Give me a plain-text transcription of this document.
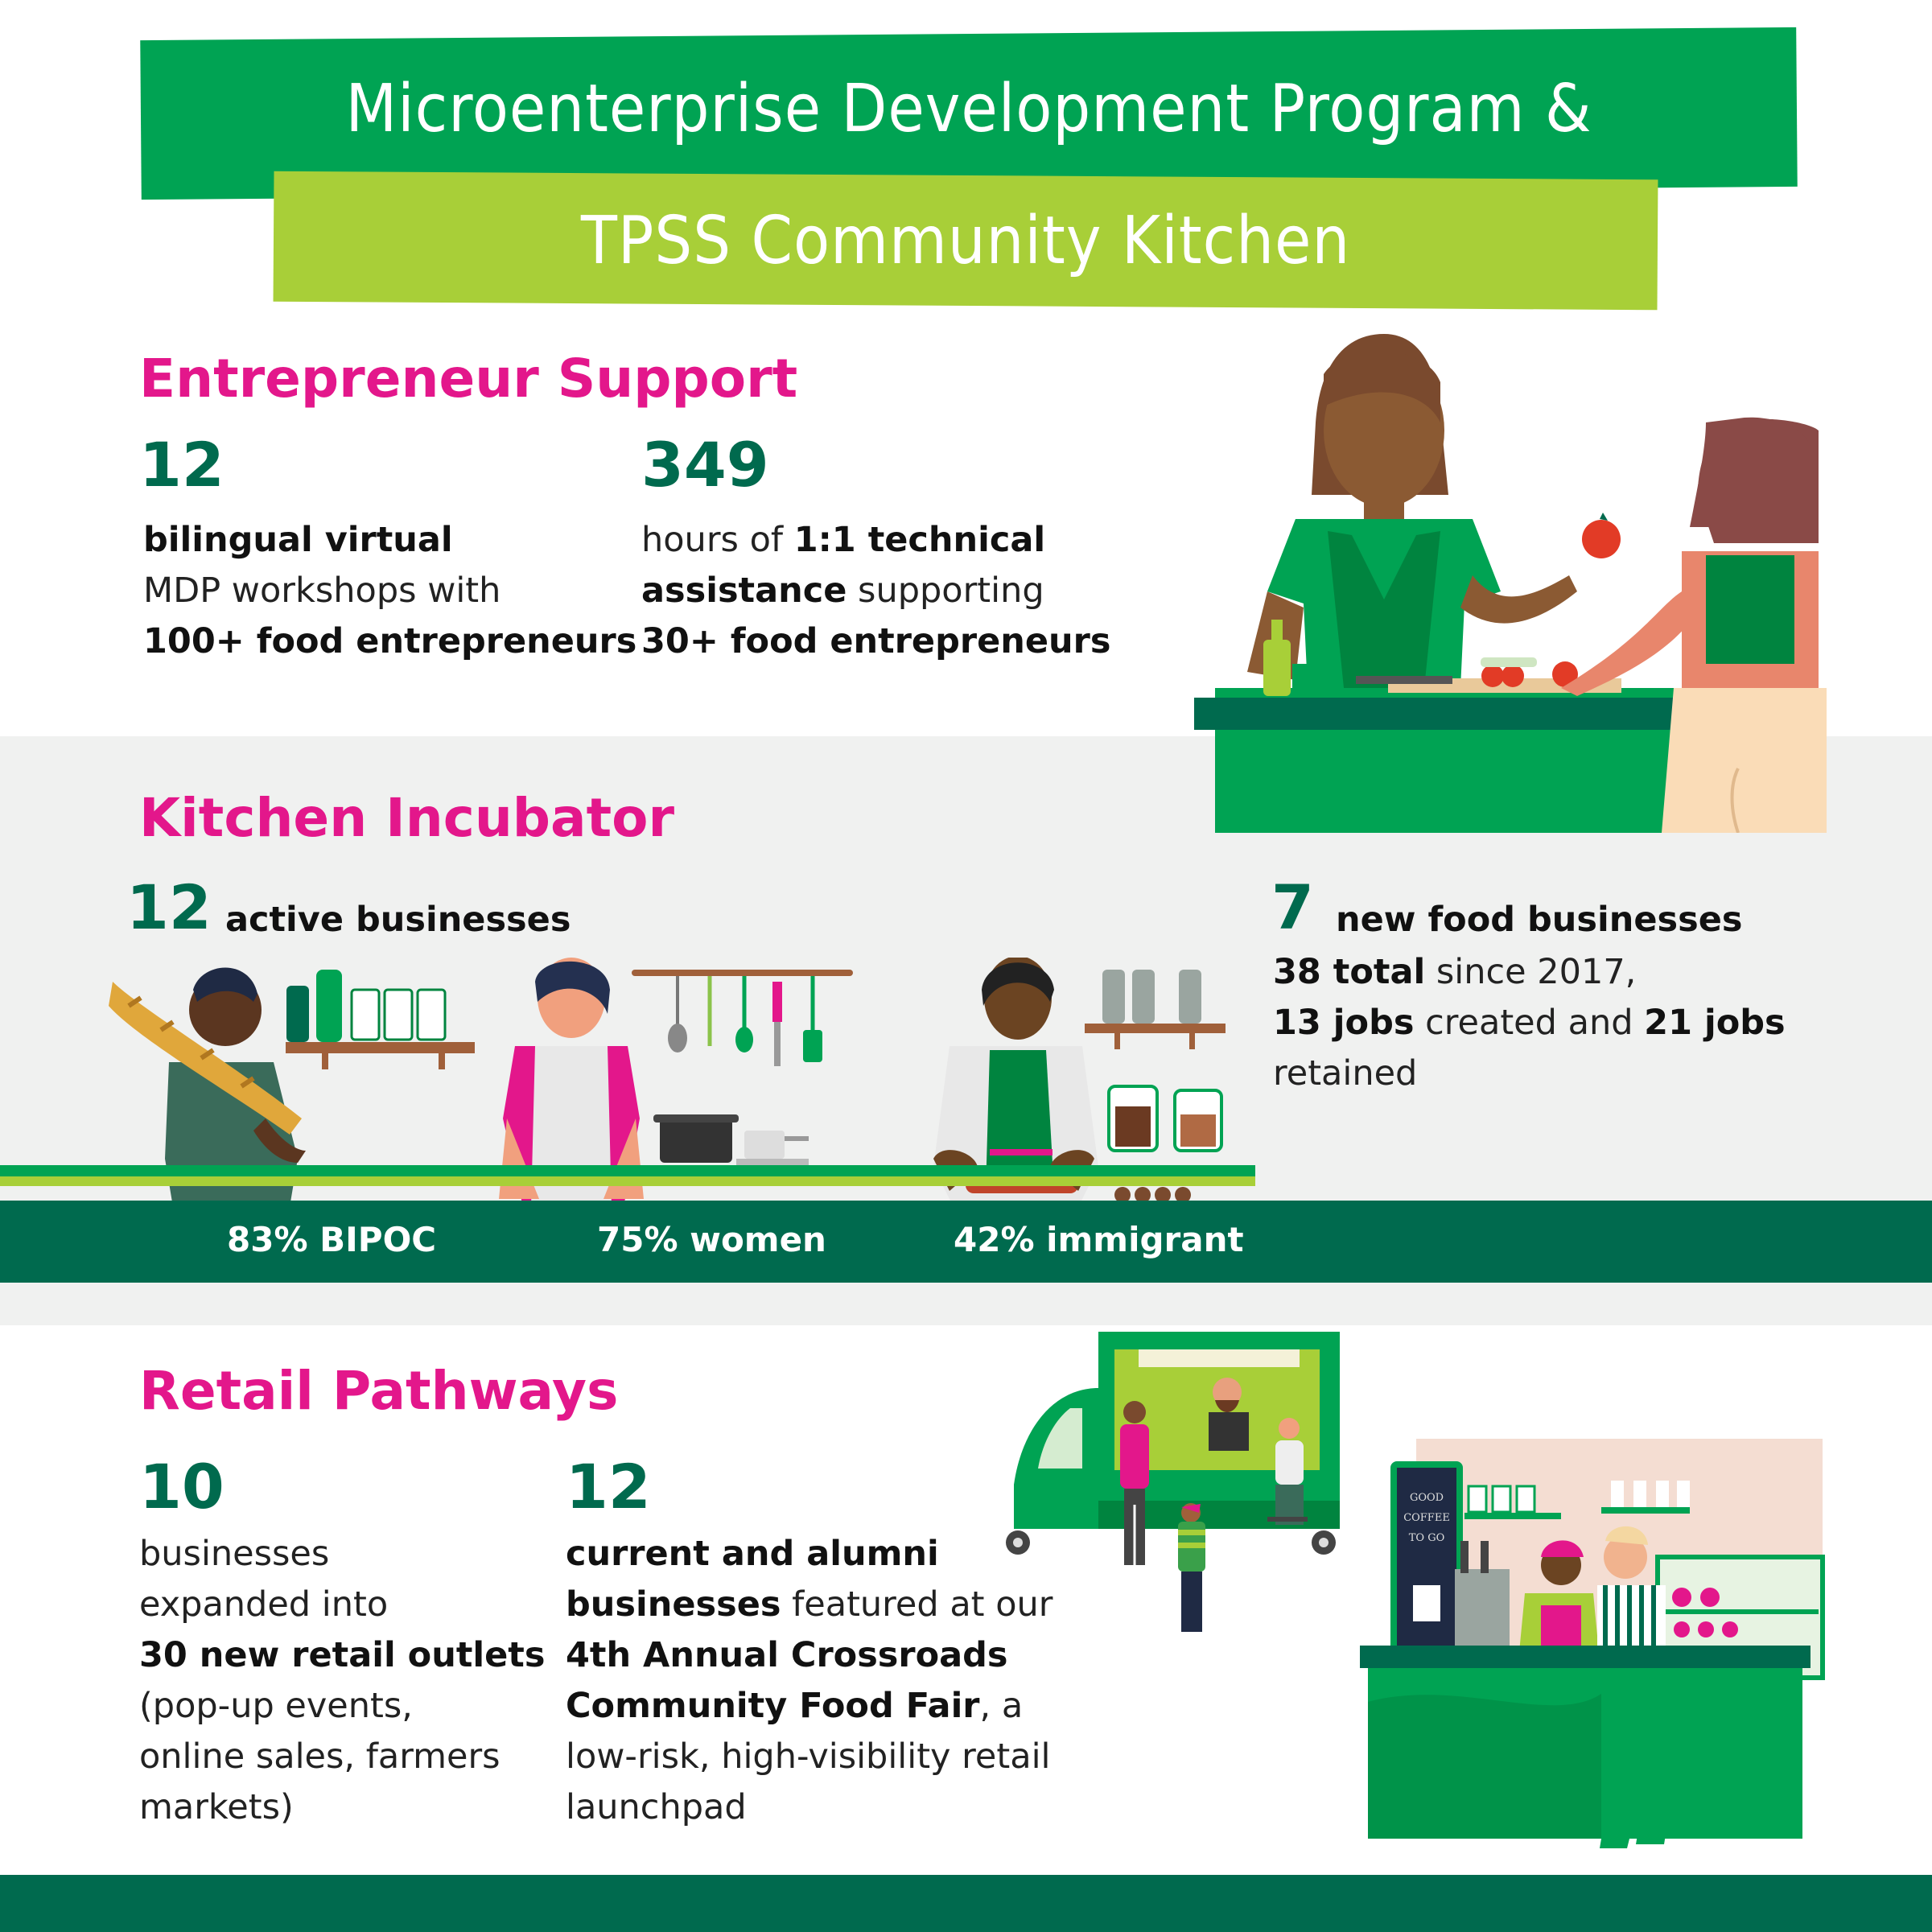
Microenterprise Development Program &
TPSS Community Kitchen
Entrepreneur Support
12
bilingual virtual
MDP workshops with
100+ food entrepreneurs
349
hours of 1:1 technical
assistance supporting
30+ food entrepreneurs
Kitchen Incubator
12 active businesses	7 new food businesses
38 total since 2017,
13 jobs created and 21 jobs
retained
83% BIPOC	75% women	42% immigrant
Retail Pathways
10
businesses
expanded into
30 new retail outlets
(pop-up events,
online sales, farmers
markets)
12
current and alumni
businesses featured at our
4th Annual Crossroads
Community Food Fair, a
low-risk, high-visibility retail
launchpad
GOOD
COFFEE
TO GO
